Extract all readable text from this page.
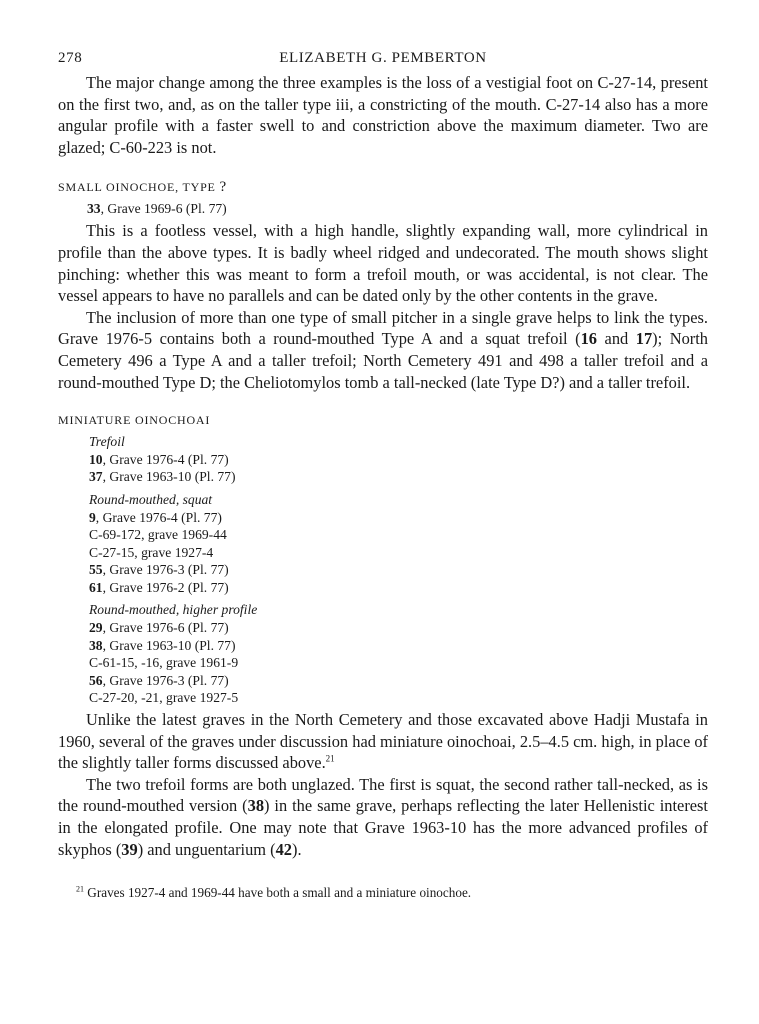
278	ELIZABETH G. PEMBERTON

The major change among the three examples is the loss of a vestigial foot on C-27-14, present on the first two, and, as on the taller type iii, a constricting of the mouth. C-27-14 also has a more angular profile with a faster swell to and constriction above the maximum diameter. Two are glazed; C-60-223 is not.

SMALL OINOCHOE, TYPE ?
33, Grave 1969-6 (Pl. 77)

This is a footless vessel, with a high handle, slightly expanding wall, more cylindrical in profile than the above types. It is badly wheel ridged and undecorated. The mouth shows slight pinching: whether this was meant to form a trefoil mouth, or was accidental, is not clear. The vessel appears to have no parallels and can be dated only by the other contents in the grave.

The inclusion of more than one type of small pitcher in a single grave helps to link the types. Grave 1976-5 contains both a round-mouthed Type A and a squat trefoil (16 and 17); North Cemetery 496 a Type A and a taller trefoil; North Cemetery 491 and 498 a taller trefoil and a round-mouthed Type D; the Cheliotomylos tomb a tall-necked (late Type D?) and a taller trefoil.

MINIATURE OINOCHOAI
Trefoil
10, Grave 1976-4 (Pl. 77)
37, Grave 1963-10 (Pl. 77)
Round-mouthed, squat
9, Grave 1976-4 (Pl. 77)
C-69-172, grave 1969-44
C-27-15, grave 1927-4
55, Grave 1976-3 (Pl. 77)
61, Grave 1976-2 (Pl. 77)
Round-mouthed, higher profile
29, Grave 1976-6 (Pl. 77)
38, Grave 1963-10 (Pl. 77)
C-61-15, -16, grave 1961-9
56, Grave 1976-3 (Pl. 77)
C-27-20, -21, grave 1927-5

Unlike the latest graves in the North Cemetery and those excavated above Hadji Mustafa in 1960, several of the graves under discussion had miniature oinochoai, 2.5–4.5 cm. high, in place of the slightly taller forms discussed above.$^{21}$

The two trefoil forms are both unglazed. The first is squat, the second rather tall-necked, as is the round-mouthed version (38) in the same grave, perhaps reflecting the later Hellenistic interest in the elongated profile. One may note that Grave 1963-10 has the more advanced profiles of skyphos (39) and unguentarium (42).

$^{21}$ Graves 1927-4 and 1969-44 have both a small and a miniature oinochoe.
